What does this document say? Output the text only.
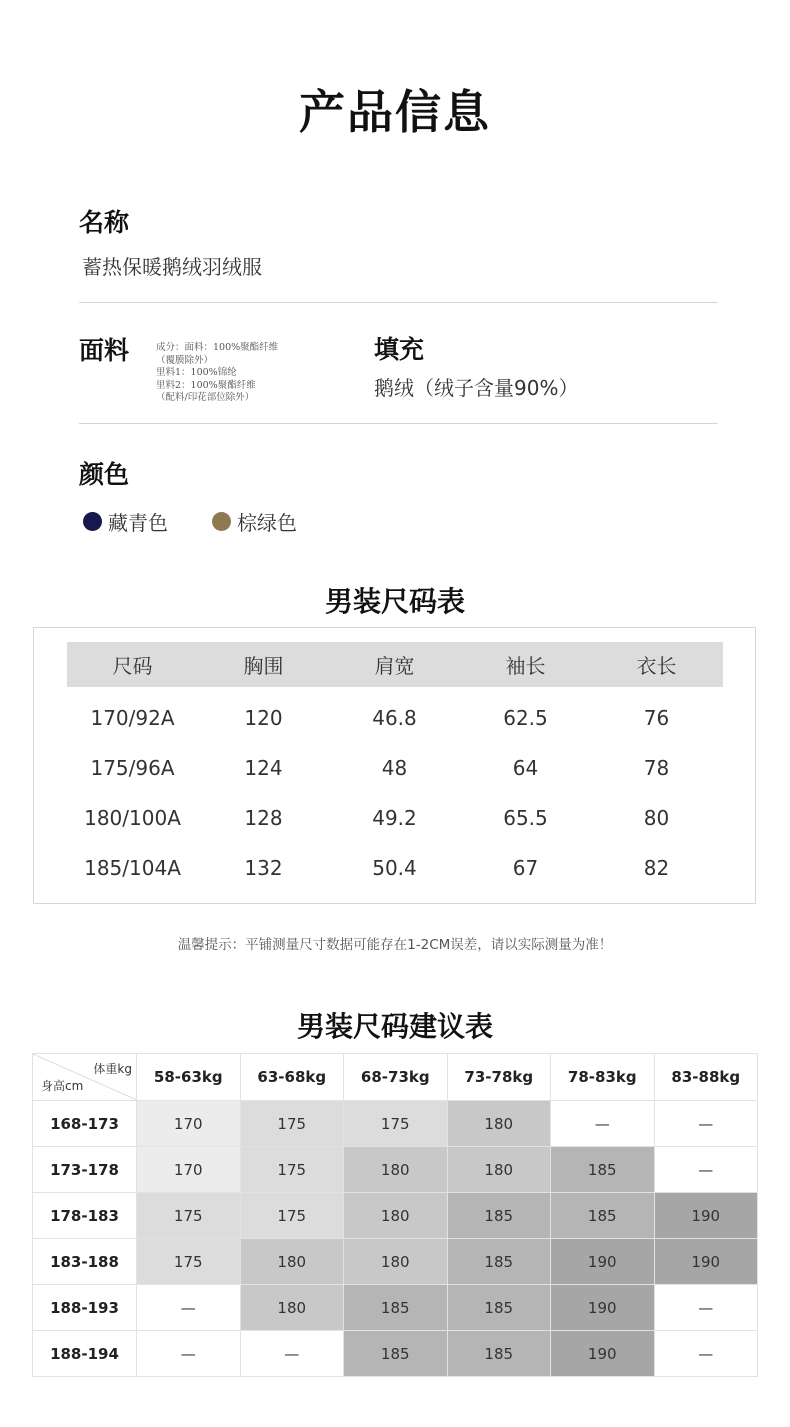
产品信息
名称
蓄热保暖鹅绒羽绒服
面料	成分：面料：100%聚酯纤维
（覆膜除外）
里料1：100%锦纶
里料2：100%聚酯纤维
（配料/印花部位除外）
填充
鹅绒（绒子含量90%）
颜色
藏青色	棕绿色
男装尺码表
尺码	胸围	肩宽	袖长	衣长
170/92A	120	46.8	62.5	76
175/96A	124	48	64	78
180/100A	128	49.2	65.5	80
185/104A	132	50.4	67	82
温馨提示：平铺测量尺寸数据可能存在1-2CM误差，请以实际测量为准！
男装尺码建议表
体重kg
身高cm	58-63kg	63-68kg	68-73kg	73-78kg	78-83kg	83-88kg
168-173	170	175	175	180	—	—
173-178	170	175	180	180	185	—
178-183	175	175	180	185	185	190
183-188	175	180	180	185	190	190
188-193	—	180	185	185	190	—
188-194	—	—	185	185	190	—
